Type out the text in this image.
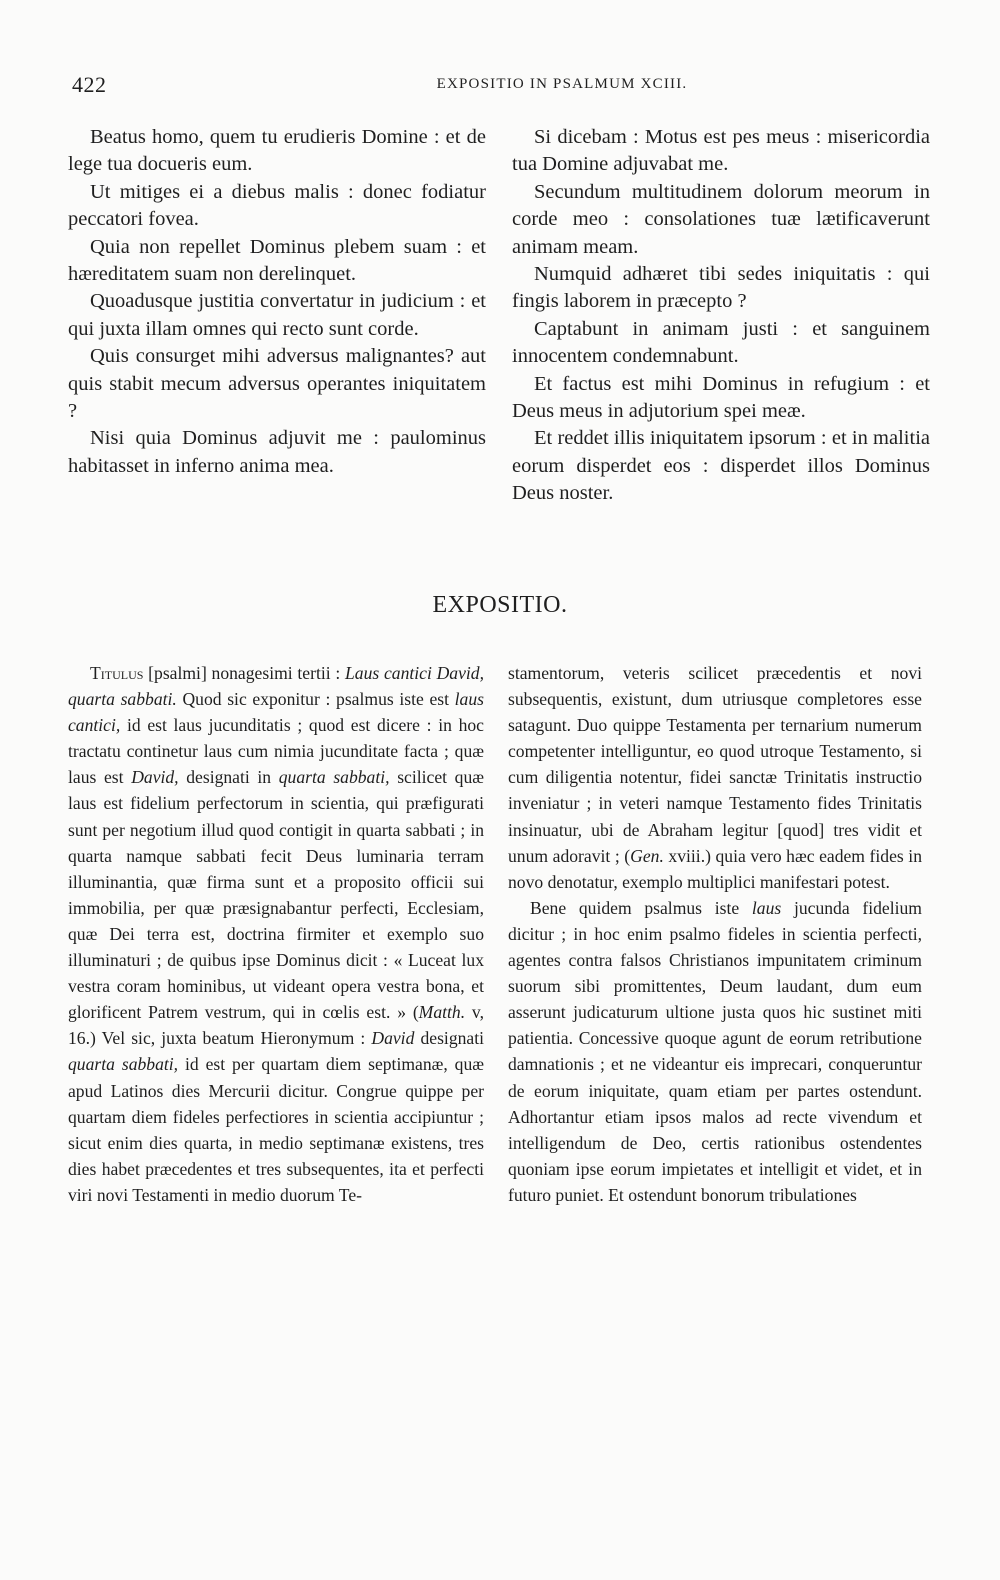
422	EXPOSITIO IN PSALMUM XCIII.

Beatus homo, quem tu erudieris Domine : et de lege tua docueris eum.

Ut mitiges ei a diebus malis : donec fodiatur peccatori fovea.

Quia non repellet Dominus plebem suam : et hæreditatem suam non derelinquet.

Quoadusque justitia convertatur in judicium : et qui juxta illam omnes qui recto sunt corde.

Quis consurget mihi adversus malignantes? aut quis stabit mecum adversus operantes iniquitatem ?

Nisi quia Dominus adjuvit me : paulominus habitasset in inferno anima mea.

Si dicebam : Motus est pes meus : misericordia tua Domine adjuvabat me.

Secundum multitudinem dolorum meorum in corde meo : consolationes tuæ lætificaverunt animam meam.

Numquid adhæret tibi sedes iniquitatis : qui fingis laborem in præcepto ?

Captabunt in animam justi : et sanguinem innocentem condemnabunt.

Et factus est mihi Dominus in refugium : et Deus meus in adjutorium spei meæ.

Et reddet illis iniquitatem ipsorum : et in malitia eorum disperdet eos : disperdet illos Dominus Deus noster.

EXPOSITIO.

Titulus [psalmi] nonagesimi tertii : Laus cantici David, quarta sabbati. Quod sic exponitur : psalmus iste est laus cantici, id est laus jucunditatis ; quod est dicere : in hoc tractatu continetur laus cum nimia jucunditate facta ; quæ laus est David, designati in quarta sabbati, scilicet quæ laus est fidelium perfectorum in scientia, qui præfigurati sunt per negotium illud quod contigit in quarta sabbati ; in quarta namque sabbati fecit Deus luminaria terram illuminantia, quæ firma sunt et a proposito officii sui immobilia, per quæ præsignabantur perfecti, Ecclesiam, quæ Dei terra est, doctrina firmiter et exemplo suo illuminaturi ; de quibus ipse Dominus dicit : « Luceat lux vestra coram hominibus, ut videant opera vestra bona, et glorificent Patrem vestrum, qui in cœlis est. » (Matth. v, 16.) Vel sic, juxta beatum Hieronymum : David designati quarta sabbati, id est per quartam diem septimanæ, quæ apud Latinos dies Mercurii dicitur. Congrue quippe per quartam diem fideles perfectiores in scientia accipiuntur ; sicut enim dies quarta, in medio septimanæ existens, tres dies habet præcedentes et tres subsequentes, ita et perfecti viri novi Testamenti in medio duorum Te-

stamentorum, veteris scilicet præcedentis et novi subsequentis, existunt, dum utriusque completores esse satagunt. Duo quippe Testamenta per ternarium numerum competenter intelliguntur, eo quod utroque Testamento, si cum diligentia notentur, fidei sanctæ Trinitatis instructio inveniatur ; in veteri namque Testamento fides Trinitatis insinuatur, ubi de Abraham legitur [quod] tres vidit et unum adoravit ; (Gen. xviii.) quia vero hæc eadem fides in novo denotatur, exemplo multiplici manifestari potest.

Bene quidem psalmus iste laus jucunda fidelium dicitur ; in hoc enim psalmo fideles in scientia perfecti, agentes contra falsos Christianos impunitatem criminum suorum sibi promittentes, Deum laudant, dum eum asserunt judicaturum ultione justa quos hic sustinet miti patientia. Concessive quoque agunt de eorum retributione damnationis ; et ne videantur eis imprecari, conqueruntur de eorum iniquitate, quam etiam per partes ostendunt. Adhortantur etiam ipsos malos ad recte vivendum et intelligendum de Deo, certis rationibus ostendentes quoniam ipse eorum impietates et intelligit et videt, et in futuro puniet. Et ostendunt bonorum tribulationes
